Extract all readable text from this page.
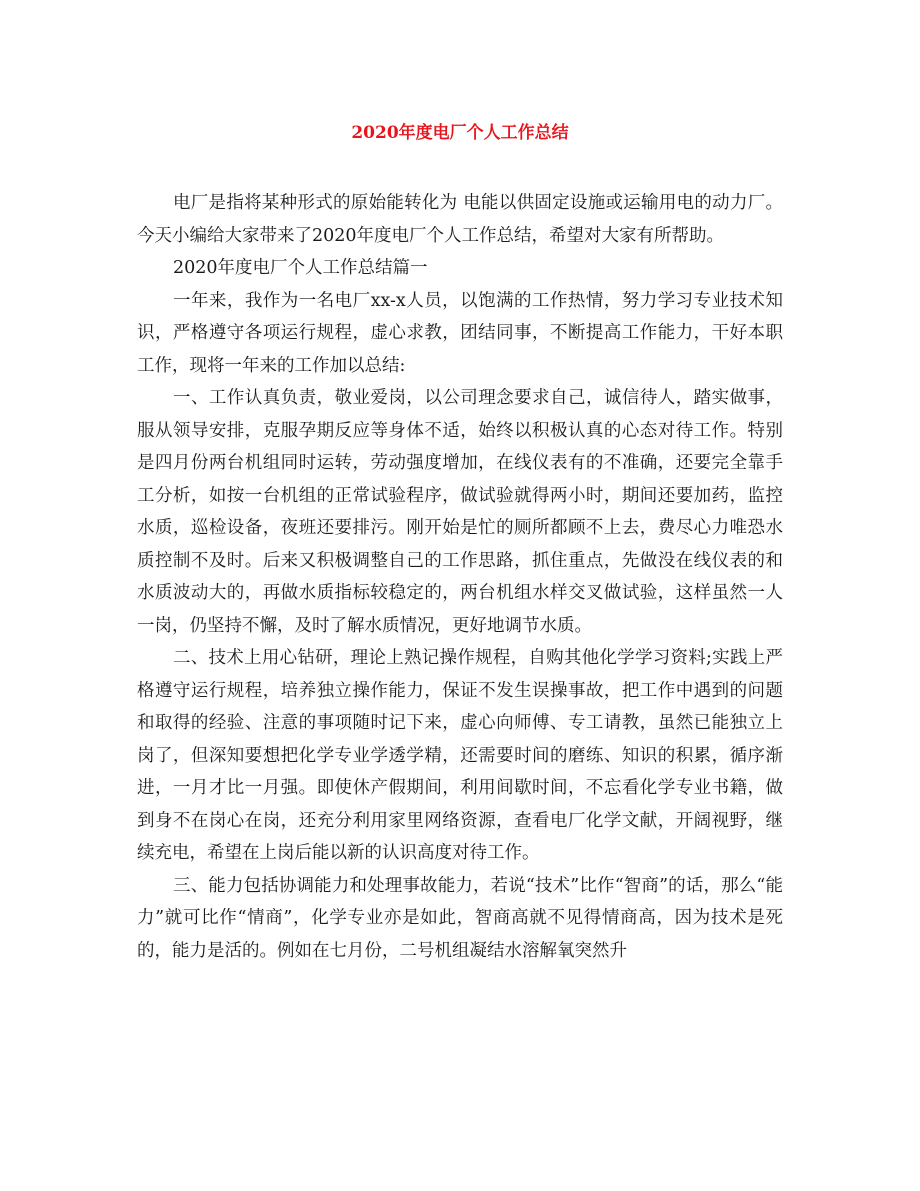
2020年度电厂个人工作总结

电厂是指将某种形式的原始能转化为 电能以供固定设施或运输用电的动力厂。 今天小编给大家带来了2020年度电厂个人工作总结，希望对大家有所帮助。

2020年度电厂个人工作总结篇一

一年来，我作为一名电厂xx-x人员，以饱满的工作热情，努力学习专业技术知识，严格遵守各项运行规程，虚心求教，团结同事，不断提高工作能力，干好本职工作，现将一年来的工作加以总结:

一、工作认真负责，敬业爱岗，以公司理念要求自己，诚信待人，踏实做事，服从领导安排，克服孕期反应等身体不适，始终以积极认真的心态对待工作。特别是四月份两台机组同时运转，劳动强度增加，在线仪表有的不准确，还要完全靠手工分析，如按一台机组的正常试验程序，做试验就得两小时，期间还要加药，监控水质，巡检设备，夜班还要排污。刚开始是忙的厕所都顾不上去，费尽心力唯恐水质控制不及时。后来又积极调整自己的工作思路，抓住重点，先做没在线仪表的和水质波动大的，再做水质指标较稳定的，两台机组水样交叉做试验，这样虽然一人一岗，仍坚持不懈，及时了解水质情况，更好地调节水质。

二、技术上用心钻研，理论上熟记操作规程，自购其他化学学习资料;实践上严格遵守运行规程，培养独立操作能力，保证不发生误操事故，把工作中遇到的问题和取得的经验、注意的事项随时记下来，虚心向师傅、专工请教，虽然已能独立上岗了，但深知要想把化学专业学透学精，还需要时间的磨练、知识的积累，循序渐进，一月才比一月强。即使休产假期间，利用间歇时间，不忘看化学专业书籍，做到身不在岗心在岗，还充分利用家里网络资源，查看电厂化学文献，开阔视野，继续充电，希望在上岗后能以新的认识高度对待工作。

三、能力包括协调能力和处理事故能力，若说“技术”比作“智商”的话，那么“能力”就可比作“情商”，化学专业亦是如此，智商高就不见得情商高，因为技术是死的，能力是活的。例如在七月份，二号机组凝结水溶解氧突然升
